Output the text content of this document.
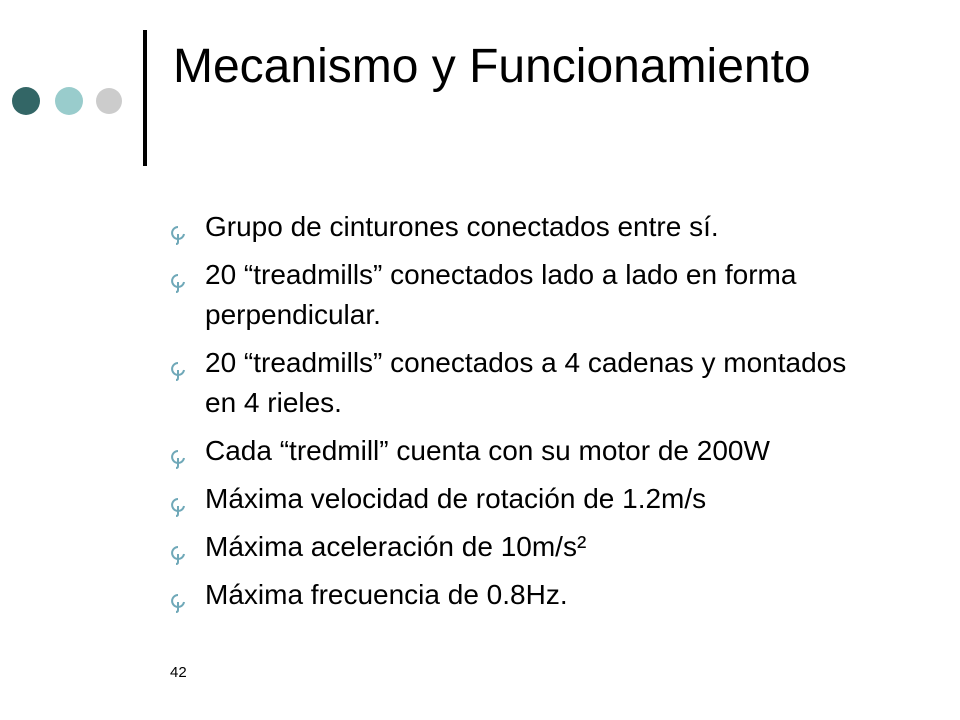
Mecanismo y Funcionamiento
Grupo de cinturones conectados entre sí.
20 “treadmills” conectados lado a lado en forma perpendicular.
20 “treadmills” conectados a 4 cadenas y montados en 4 rieles.
Cada “tredmill” cuenta con su motor de 200W
Máxima velocidad de rotación de 1.2m/s
Máxima aceleración de 10m/s²
Máxima frecuencia de 0.8Hz.
42
